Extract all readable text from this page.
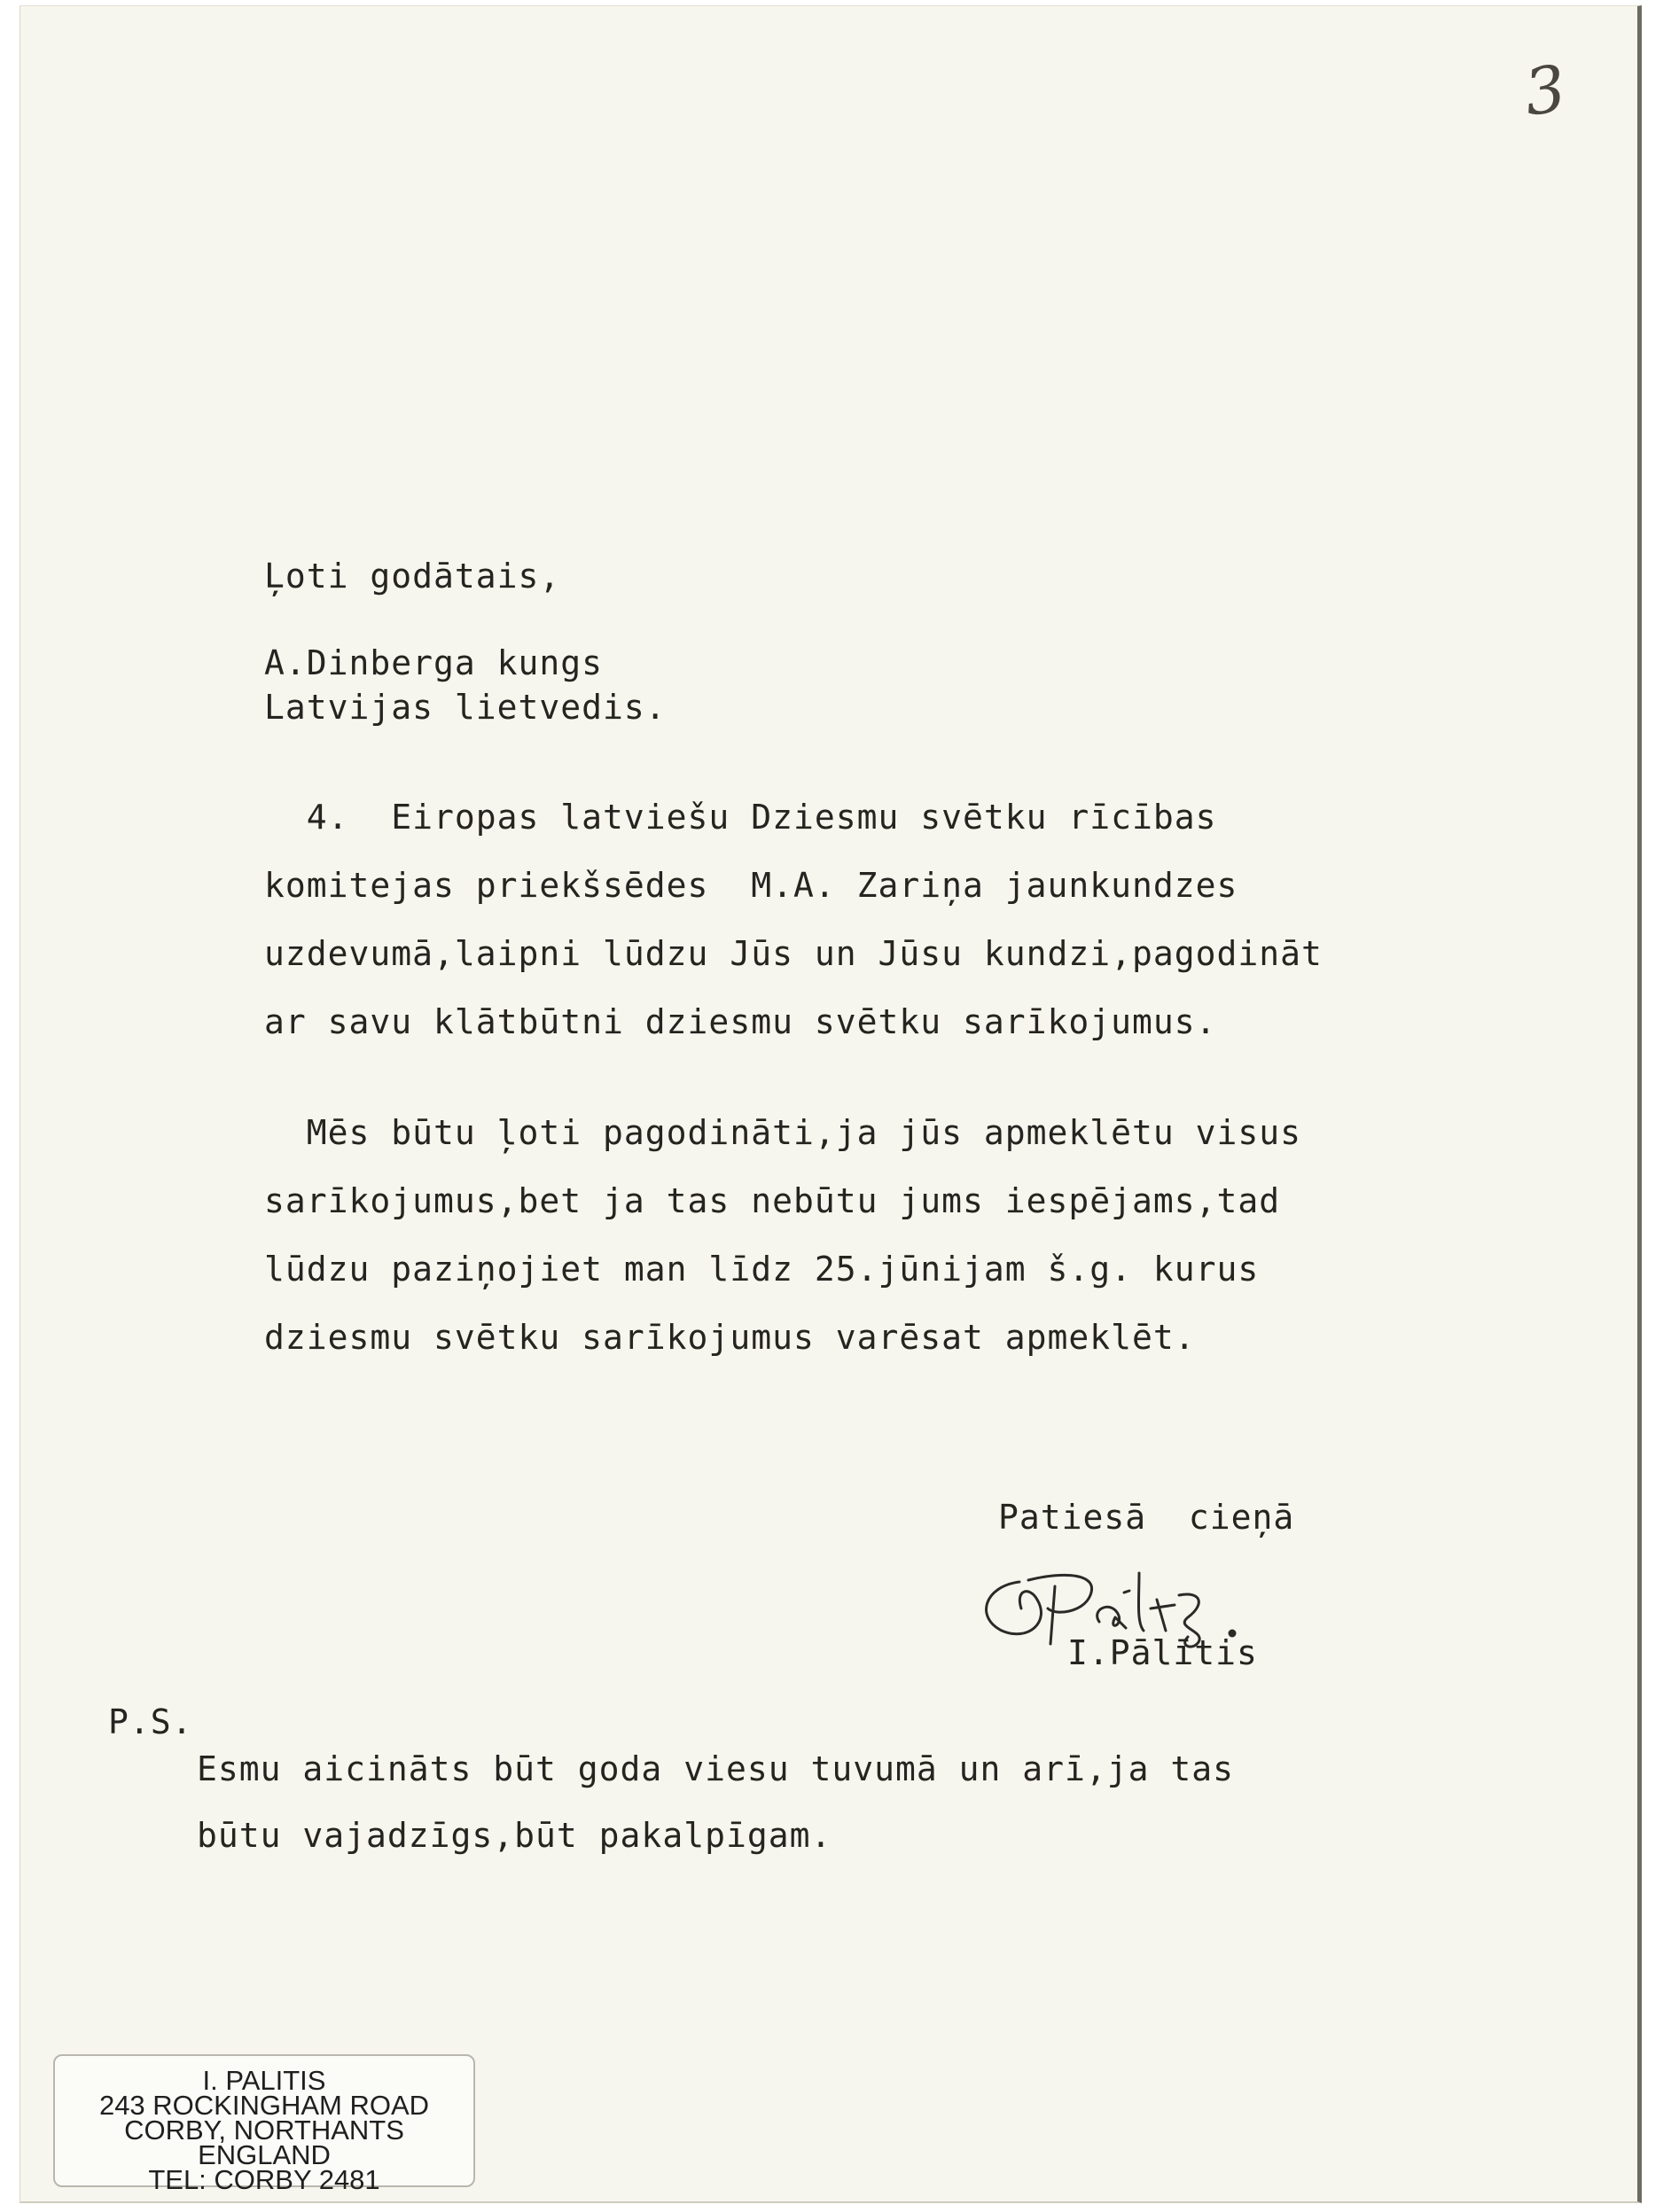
3

Ļoti godātais,

A.Dinberga kungs

Latvijas lietvedis.

4.  Eiropas latviešu Dziesmu svētku rīcības

komitejas priekšsēdes  M.A. Zariņa jaunkundzes

uzdevumā,laipni lūdzu Jūs un Jūsu kundzi,pagodināt

ar savu klātbūtni dziesmu svētku sarīkojumus.

Mēs būtu ļoti pagodināti,ja jūs apmeklētu visus

sarīkojumus,bet ja tas nebūtu jums iespējams,tad

lūdzu paziņojiet man līdz 25.jūnijam š.g. kurus

dziesmu svētku sarīkojumus varēsat apmeklēt.

Patiesā  cieņā

I.Pālītis

P.S.

Esmu aicināts būt goda viesu tuvumā un arī,ja tas

būtu vajadzīgs,būt pakalpīgam.

I. PALITIS
243 ROCKINGHAM ROAD
CORBY, NORTHANTS
ENGLAND
TEL: CORBY 2481
